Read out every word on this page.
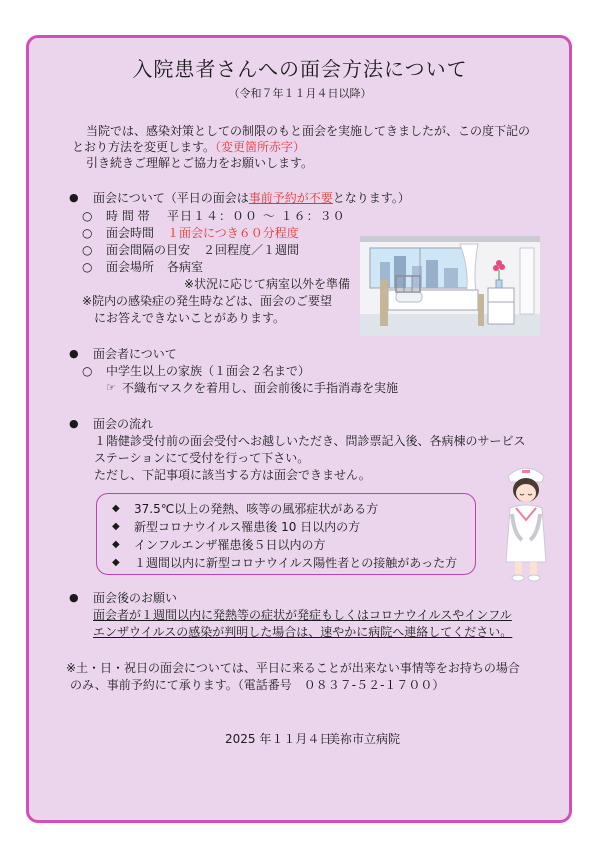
入院患者さんへの面会方法について
（令和７年１１月４日以降）
当院では、感染対策としての制限のもと面会を実施してきましたが、この度下記の
とおり方法を変更します。（変更箇所赤字）
引き続きご理解とご協力をお願いします。
● 面会について（平日の面会は事前予約が不要となります。）
○ 時 間 帯 平日１４：００ ～ １６：３０
○ 面会時間 １面会につき６０分程度
○ 面会間隔の目安 ２回程度／１週間
○ 面会場所 各病室
※状況に応じて病室以外を準備
※院内の感染症の発生時などは、面会のご要望
にお答えできないことがあります。
● 面会者について
○ 中学生以上の家族（１面会２名まで）
☞ 不織布マスクを着用し、面会前後に手指消毒を実施
● 面会の流れ
１階健診受付前の面会受付へお越しいただき、問診票記入後、各病棟のサービス
ステーションにて受付を行って下さい。
ただし、下記事項に該当する方は面会できません。
◆ 37.5℃以上の発熱、咳等の風邪症状がある方
◆ 新型コロナウイルス罹患後 10 日以内の方
◆ インフルエンザ罹患後５日以内の方
◆ １週間以内に新型コロナウイルス陽性者との接触があった方
● 面会後のお願い
面会者が１週間以内に発熱等の症状が発症もしくはコロナウイルスやインフル
エンザウイルスの感染が判明した場合は、速やかに病院へ連絡してください。
※土・日・祝日の面会については、平日に来ることが出来ない事情等をお持ちの場合
のみ、事前予約にて承ります。（電話番号　０８３７-５２-１７００）
2025 年１１月４日
美祢市立病院
